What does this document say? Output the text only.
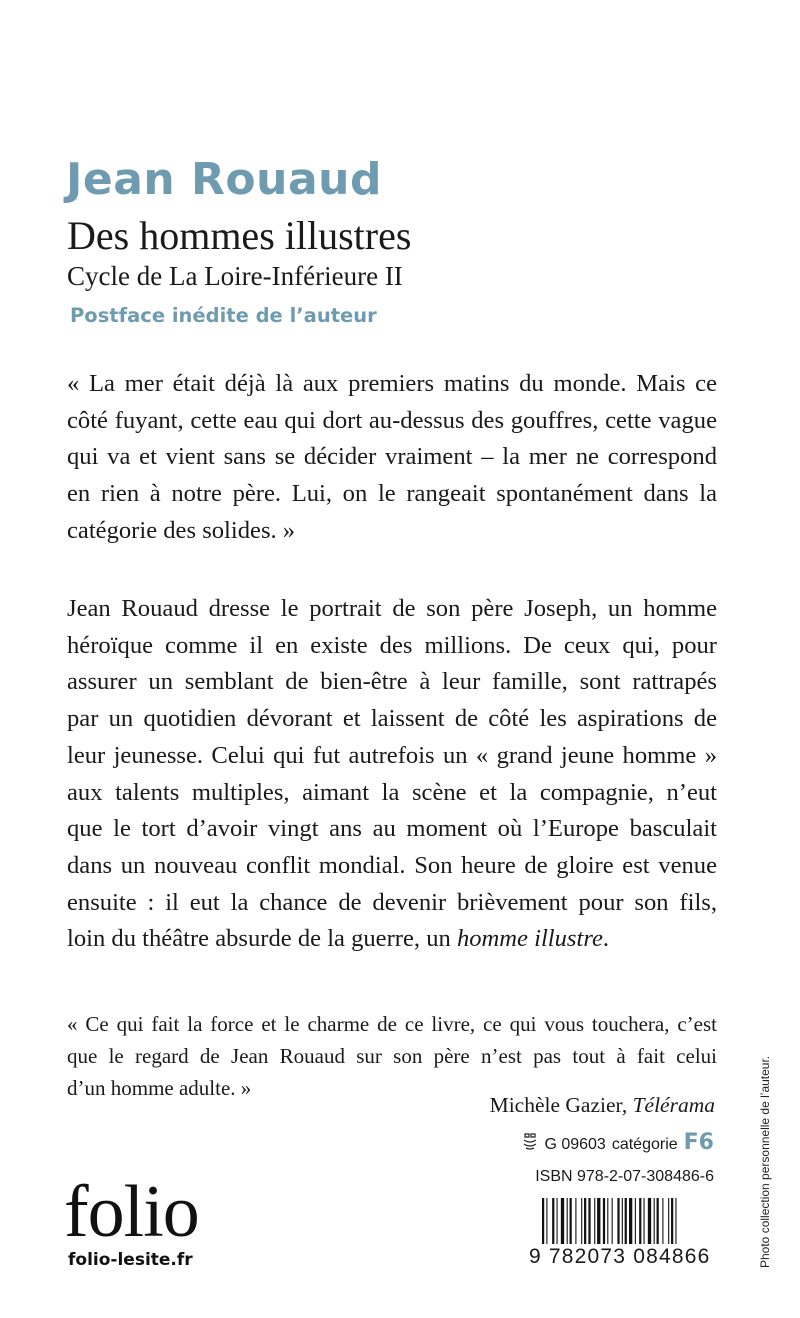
Jean Rouaud
Des hommes illustres
Cycle de La Loire-Inférieure II
Postface inédite de l’auteur

« La mer était déjà là aux premiers matins du monde. Mais ce
côté fuyant, cette eau qui dort au-dessus des gouffres, cette vague
qui va et vient sans se décider vraiment – la mer ne correspond
en rien à notre père. Lui, on le rangeait spontanément dans la
catégorie des solides. »

Jean Rouaud dresse le portrait de son père Joseph, un homme
héroïque comme il en existe des millions. De ceux qui, pour
assurer un semblant de bien-être à leur famille, sont rattrapés
par un quotidien dévorant et laissent de côté les aspirations de
leur jeunesse. Celui qui fut autrefois un « grand jeune homme »
aux talents multiples, aimant la scène et la compagnie, n’eut
que le tort d’avoir vingt ans au moment où l’Europe basculait
dans un nouveau conflit mondial. Son heure de gloire est venue
ensuite : il eut la chance de devenir brièvement pour son fils,
loin du théâtre absurde de la guerre, un homme illustre.

« Ce qui fait la force et le charme de ce livre, ce qui vous touchera, c’est
que le regard de Jean Rouaud sur son père n’est pas tout à fait celui
d’un homme adulte. »

Michèle Gazier, Télérama
G 09603 catégorie F6
ISBN 978-2-07-308486-6
9 782073 084866
folio
folio-lesite.fr	Photo collection personnelle de l’auteur.
